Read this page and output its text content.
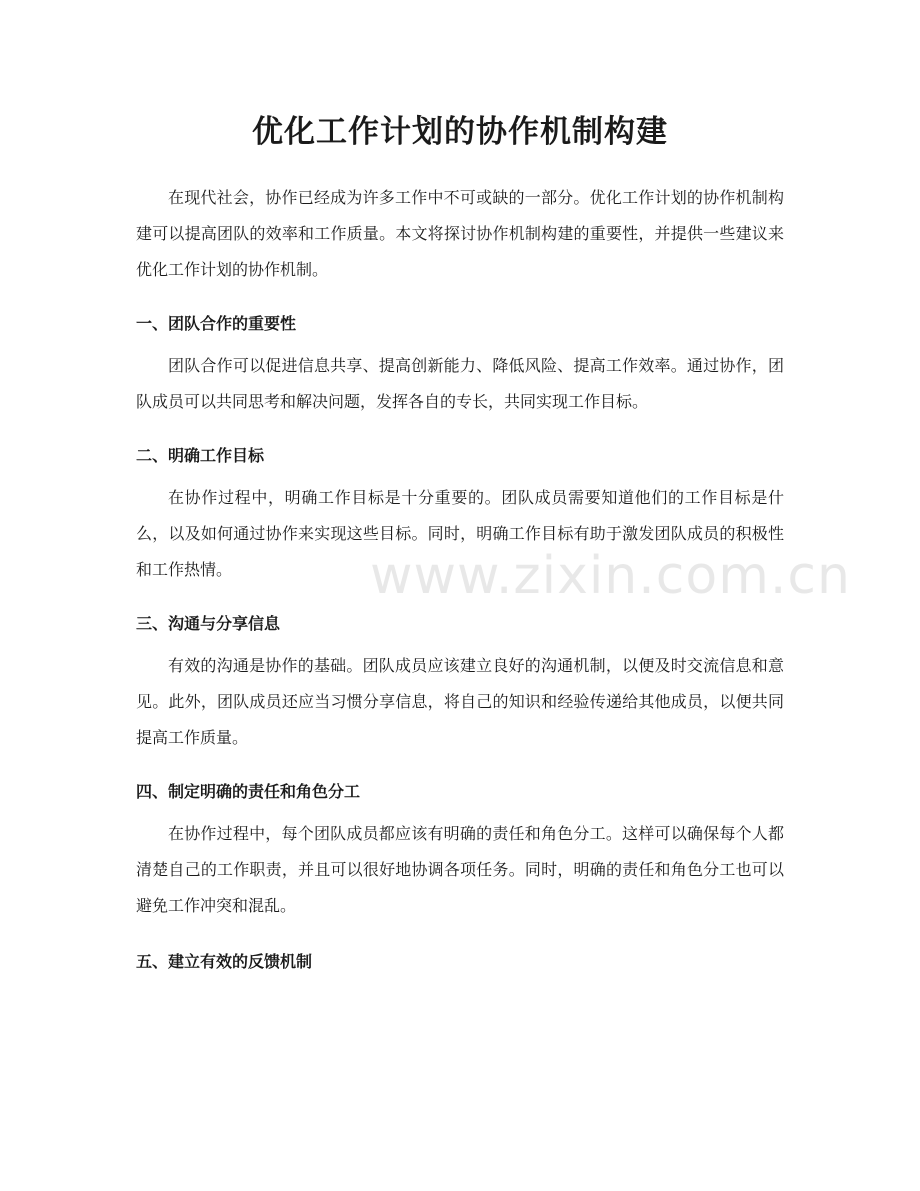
优化工作计划的协作机制构建

在现代社会，协作已经成为许多工作中不可或缺的一部分。优化工作计划的协作机制构建可以提高团队的效率和工作质量。本文将探讨协作机制构建的重要性，并提供一些建议来优化工作计划的协作机制。

一、团队合作的重要性

团队合作可以促进信息共享、提高创新能力、降低风险、提高工作效率。通过协作，团队成员可以共同思考和解决问题，发挥各自的专长，共同实现工作目标。

二、明确工作目标

在协作过程中，明确工作目标是十分重要的。团队成员需要知道他们的工作目标是什么，以及如何通过协作来实现这些目标。同时，明确工作目标有助于激发团队成员的积极性和工作热情。

三、沟通与分享信息

有效的沟通是协作的基础。团队成员应该建立良好的沟通机制，以便及时交流信息和意见。此外，团队成员还应当习惯分享信息，将自己的知识和经验传递给其他成员，以便共同提高工作质量。

四、制定明确的责任和角色分工

在协作过程中，每个团队成员都应该有明确的责任和角色分工。这样可以确保每个人都清楚自己的工作职责，并且可以很好地协调各项任务。同时，明确的责任和角色分工也可以避免工作冲突和混乱。

五、建立有效的反馈机制
www.zixin.com.cn
